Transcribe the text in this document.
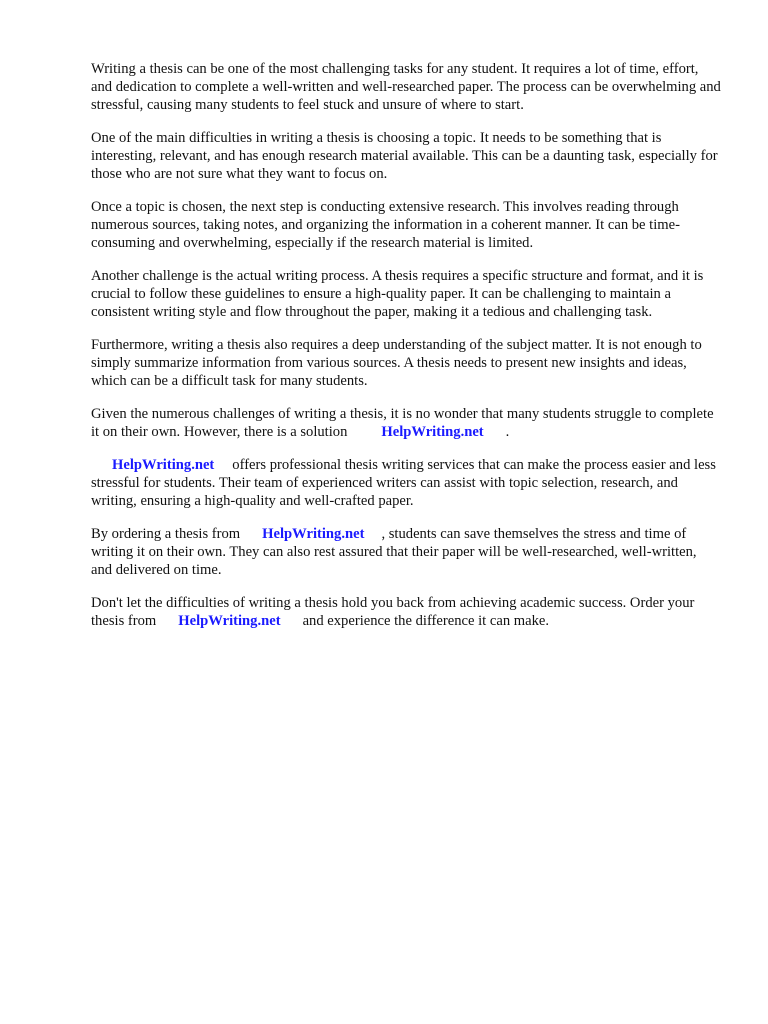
Writing a thesis can be one of the most challenging tasks for any student. It requires a lot of time, effort, and dedication to complete a well-written and well-researched paper. The process can be overwhelming and stressful, causing many students to feel stuck and unsure of where to start.

One of the main difficulties in writing a thesis is choosing a topic. It needs to be something that is interesting, relevant, and has enough research material available. This can be a daunting task, especially for those who are not sure what they want to focus on.

Once a topic is chosen, the next step is conducting extensive research. This involves reading through numerous sources, taking notes, and organizing the information in a coherent manner. It can be time-consuming and overwhelming, especially if the research material is limited.

Another challenge is the actual writing process. A thesis requires a specific structure and format, and it is crucial to follow these guidelines to ensure a high-quality paper. It can be challenging to maintain a consistent writing style and flow throughout the paper, making it a tedious and challenging task.

Furthermore, writing a thesis also requires a deep understanding of the subject matter. It is not enough to simply summarize information from various sources. A thesis needs to present new insights and ideas, which can be a difficult task for many students.

Given the numerous challenges of writing a thesis, it is no wonder that many students struggle to complete it on their own. However, there is a solution HelpWriting.net .

HelpWriting.net offers professional thesis writing services that can make the process easier and less stressful for students. Their team of experienced writers can assist with topic selection, research, and writing, ensuring a high-quality and well-crafted paper.

By ordering a thesis from HelpWriting.net , students can save themselves the stress and time of writing it on their own. They can also rest assured that their paper will be well-researched, well-written, and delivered on time.

Don't let the difficulties of writing a thesis hold you back from achieving academic success. Order your thesis from HelpWriting.net and experience the difference it can make.
